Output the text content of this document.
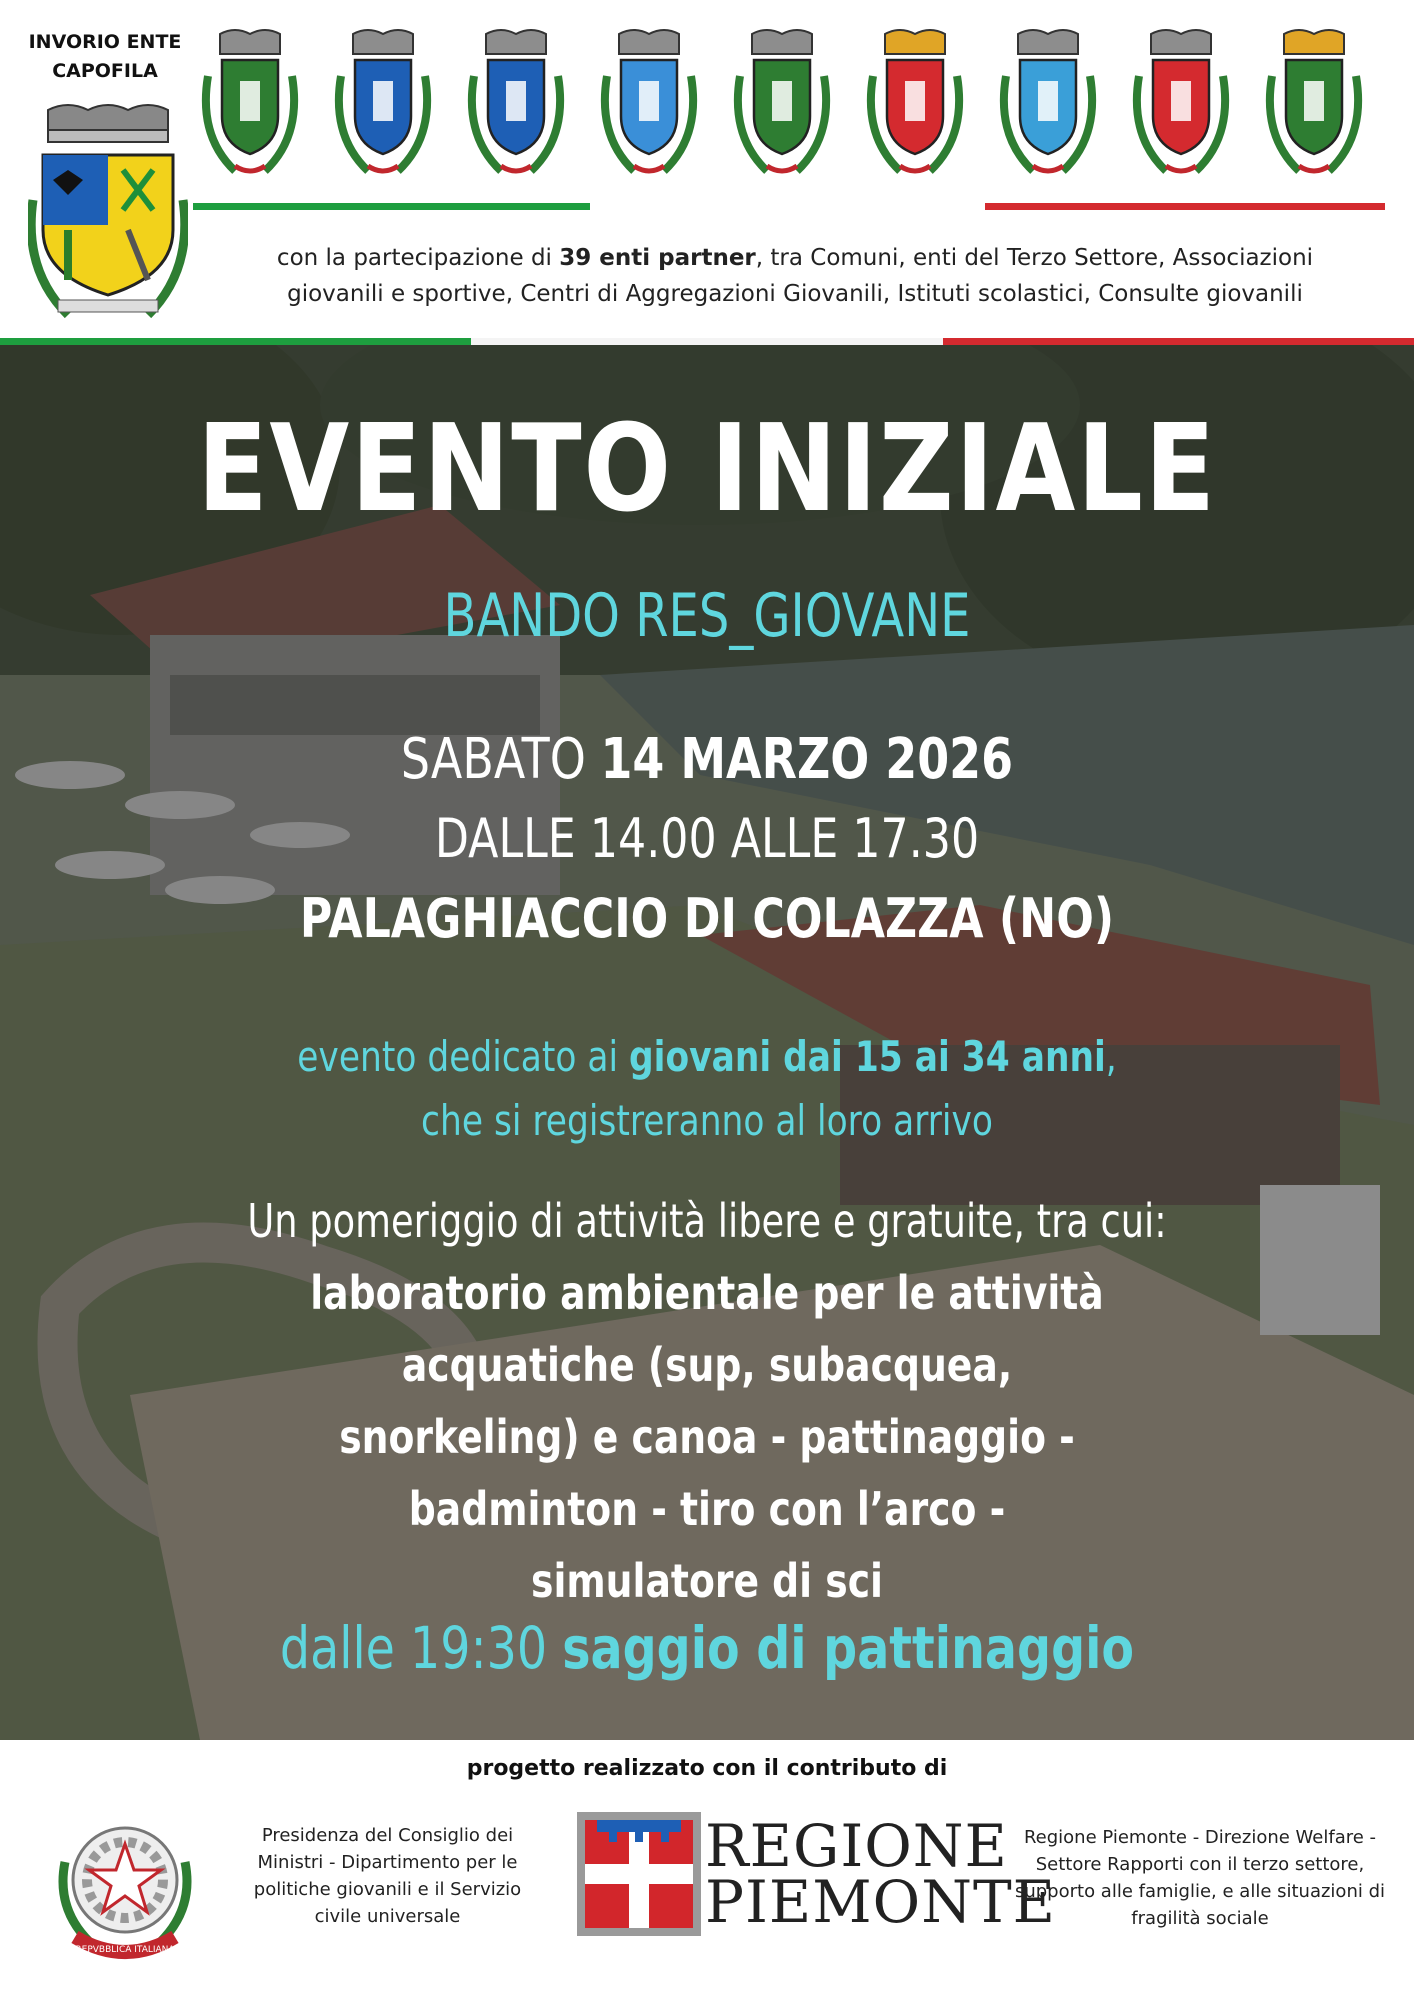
INVORIO ENTE
CAPOFILA
con la partecipazione di 39 enti partner, tra Comuni, enti del Terzo Settore, Associazioni giovanili e sportive, Centri di Aggregazioni Giovanili, Istituti scolastici, Consulte giovanili
EVENTO INIZIALE
BANDO RES_GIOVANE
SABATO 14 MARZO 2026
DALLE 14.00 ALLE 17.30
PALAGHIACCIO DI COLAZZA (NO)
evento dedicato ai giovani dai 15 ai 34 anni,
che si registreranno al loro arrivo
Un pomeriggio di attività libere e gratuite, tra cui:
laboratorio ambientale per le attività acquatiche (sup, subacquea, snorkeling) e canoa - pattinaggio - badminton - tiro con l’arco - simulatore di sci
dalle 19:30 saggio di pattinaggio
progetto realizzato con il contributo di
REPVBBLICA ITALIANA
Presidenza del Consiglio dei Ministri - Dipartimento per le politiche giovanili e il Servizio civile universale
REGIONE
PIEMONTE
Regione Piemonte - Direzione Welfare - Settore Rapporti con il terzo settore, supporto alle famiglie, e alle situazioni di fragilità sociale
